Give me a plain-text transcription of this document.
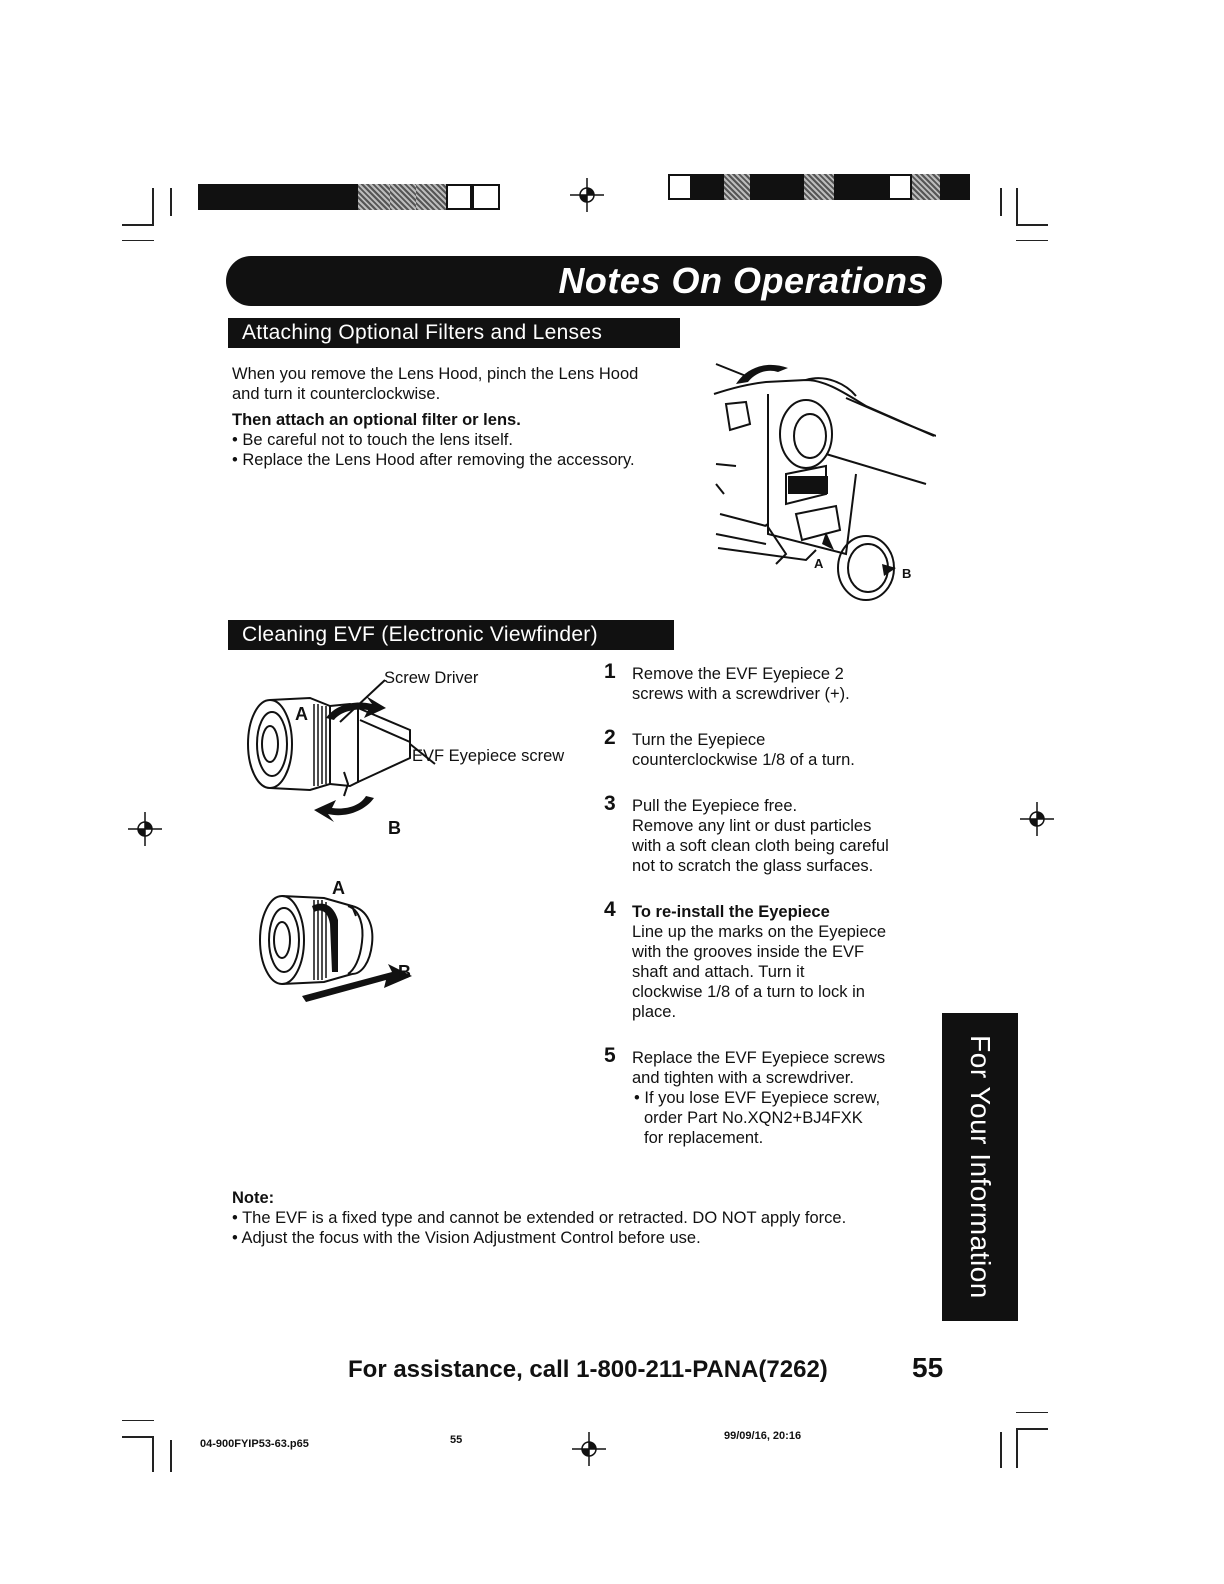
Notes On Operations
Attaching Optional Filters and Lenses
When you remove the Lens Hood, pinch the Lens Hood
and turn it counterclockwise.
Then attach an optional filter or lens.
• Be careful not to touch the lens itself.
• Replace the Lens Hood after removing the accessory.
A
B
Cleaning EVF (Electronic Viewfinder)
A
B
Screw Driver
EVF Eyepiece screw
A
B
1 Remove the EVF Eyepiece 2
screws with a screwdriver (+).
2 Turn the Eyepiece
counterclockwise 1/8 of a turn.
3 Pull the Eyepiece free.
Remove any lint or dust particles
with a soft clean cloth being careful
not to scratch the glass surfaces.
4 To re-install the Eyepiece
Line up the marks on the Eyepiece
with the grooves inside the EVF
shaft and attach. Turn it
clockwise 1/8 of a turn to lock in
place.
5 Replace the EVF Eyepiece screws
and tighten with a screwdriver.
• If you lose EVF Eyepiece screw,
order Part No.XQN2+BJ4FXK
for replacement.
Note:
• The EVF is a fixed type and cannot be extended or retracted. DO NOT apply force.
• Adjust the focus with the Vision Adjustment Control before use.	For Your Information
For assistance, call 1-800-211-PANA(7262)	55
04-900FYIP53-63.p65	55	99/09/16, 20:16
